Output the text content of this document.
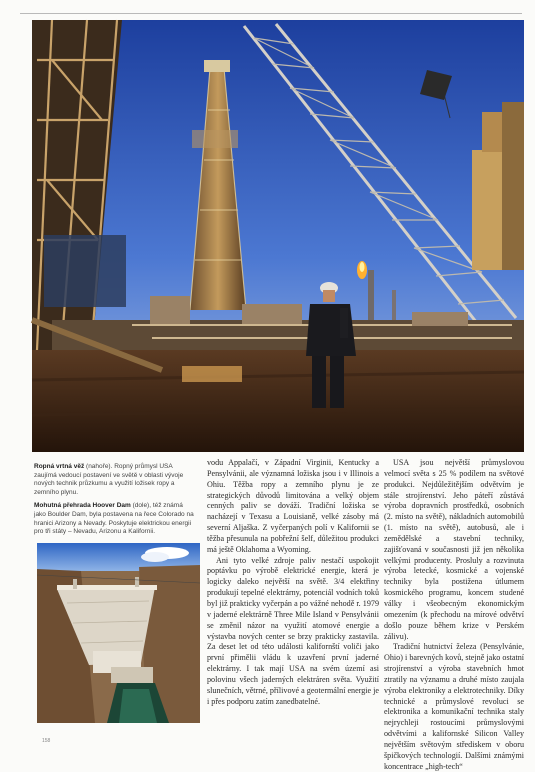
Ropná vrtná věž (nahoře). Ropný průmysl USA zaujímá vedoucí postavení ve světě v oblasti vývoje nových technik průzkumu a využití ložisek ropy a zemního plynu.

Mohutná přehrada Hoover Dam (dole), též známá jako Boulder Dam, byla postavena na řece Colorado na hranici Arizony a Nevady. Poskytuje elektrickou energii pro tři státy – Nevadu, Arizonu a Kalifornii.

vodu Appalačí, v Západní Virginii, Kentucky a Pensylvánii, ale významná ložiska jsou i v Illinois a Ohiu. Těžba ropy a zemního plynu je ze strategických důvodů limitována a velký objem cenných paliv se dováží. Tradiční ložiska se nacházejí v Texasu a Louisianě, velké zásoby má severní Aljaška. Z vyčerpaných polí v Kalifornii se těžba přesunula na pobřežní šelf, důležitou produkci má ještě Oklahoma a Wyoming.

Ani tyto velké zdroje paliv nestačí uspokojit poptávku po výrobě elektrické energie, která je logicky daleko největší na světě. 3/4 elektřiny produkují tepelné elektrárny, potenciál vodních toků byl již prakticky vyčerpán a po vážné nehodě r. 1979 v jaderné elektrárně Three Mile Island v Pensylvánii se změnil názor na využití atomové energie a výstavba nových center se brzy prakticky zastavila. Za deset let od této události kalifornští voliči jako první přimělii vládu k uzavření první jaderné elektrárny. I tak mají USA na svém území asi polovinu všech jaderných elektráren světa. Využití slunečních, větrné, přílivové a geotermální energie je i přes podporu zatím zanedbatelné.

USA jsou největší průmyslovou velmocí světa s 25 % podílem na světové produkci. Nejdůležitějším odvětvím je stále strojírenství. Jeho páteří zůstává výroba dopravních prostředků, osobních (2. místo na světě), nákladních automobilů (1. místo na světě), autobusů, ale i zemědělské a stavební techniky, zajišťovaná v současnosti již jen několika velkými producenty. Prosluly a rozvinuta výroba letecké, kosmické a vojenské techniky byla postižena útlumem kosmického programu, koncem studené války i všeobecným ekonomickým omezením (k přechodu na mírové odvětví došlo pouze během krize v Perském zálivu).

Tradiční hutnictví železa (Pensylvánie, Ohio) i barevných kovů, stejně jako ostatní strojírenství a výroba stavebních hmot ztratily na významu a druhé místo zaujala výroba elektroniky a elektrotechniky. Díky technické a průmyslové revoluci se elektronika a komunikační technika staly nejrychleji rostoucími průmyslovými odvětvími a kalifornské Silicon Valley největším světovým střediskem v oboru špičkových technologií. Dalšími známými koncentrace „high-tech“

158
